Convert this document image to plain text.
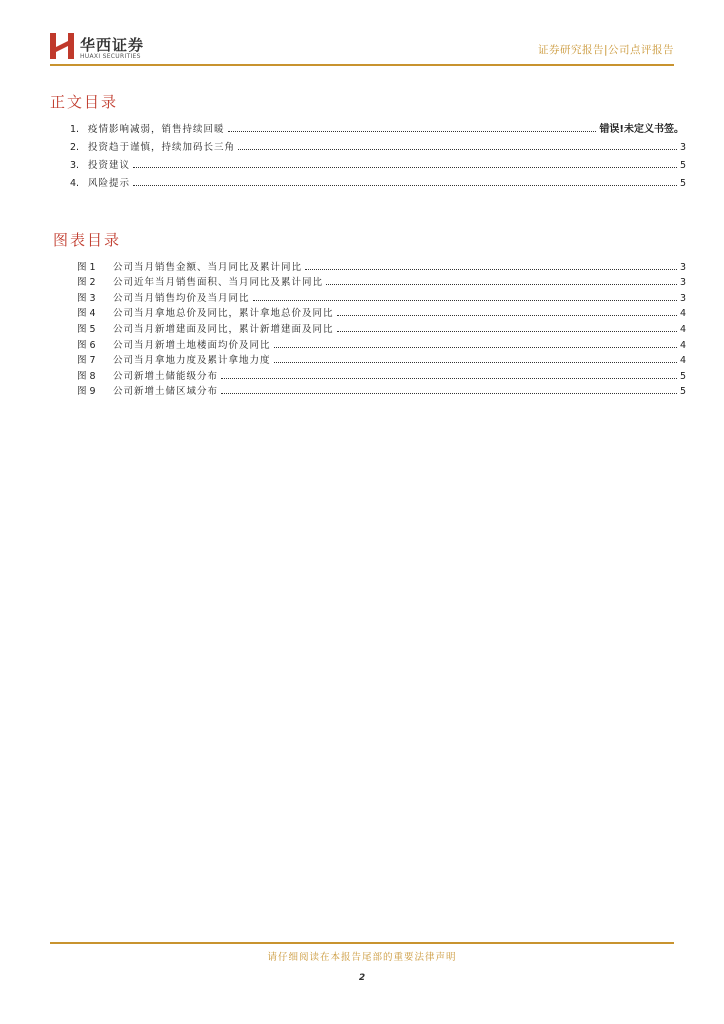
华西证券
HUAXI SECURITIES
证券研究报告|公司点评报告
正文目录
1. 疫情影响减弱，销售持续回暖	错误!未定义书签。
2. 投资趋于谨慎，持续加码长三角	3
3. 投资建议	5
4. 风险提示	5
图表目录
图 1	公司当月销售金额、当月同比及累计同比	3
图 2	公司近年当月销售面积、当月同比及累计同比	3
图 3	公司当月销售均价及当月同比	3
图 4	公司当月拿地总价及同比，累计拿地总价及同比	4
图 5	公司当月新增建面及同比，累计新增建面及同比	4
图 6	公司当月新增土地楼面均价及同比	4
图 7	公司当月拿地力度及累计拿地力度	4
图 8	公司新增土储能级分布	5
图 9	公司新增土储区域分布	5
请仔细阅读在本报告尾部的重要法律声明
2
